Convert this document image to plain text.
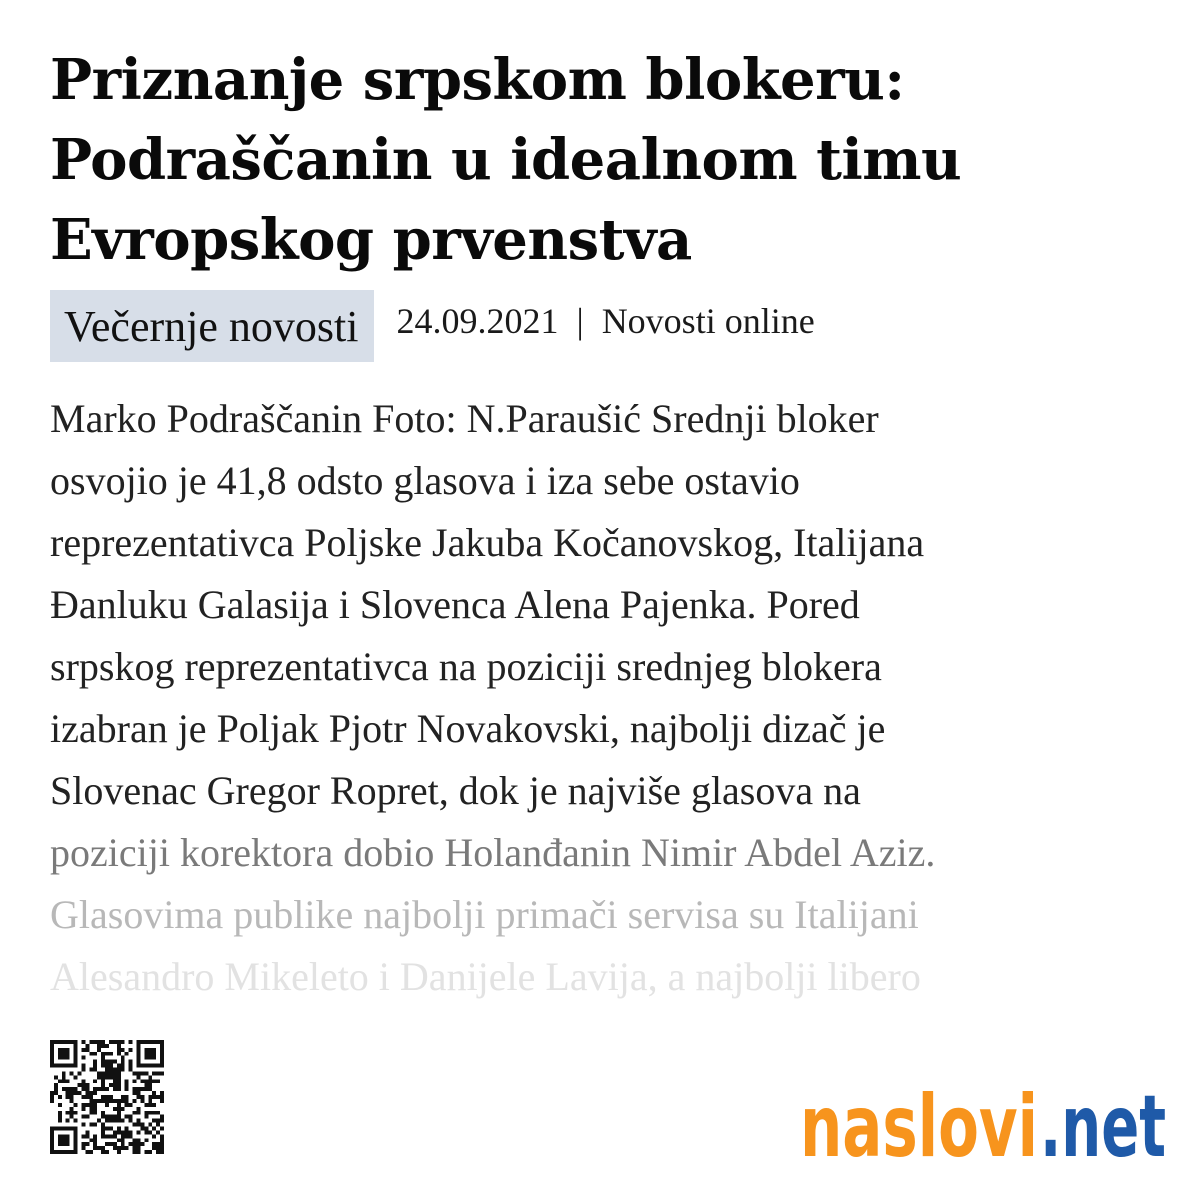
Priznanje srpskom blokeru:
Podraščanin u idealnom timu
Evropskog prvenstva
Večernje novosti	24.09.2021 | Novosti online
Marko Podraščanin Foto: N.Paraušić Srednji bloker
osvojio je 41,8 odsto glasova i iza sebe ostavio
reprezentativca Poljske Jakuba Kočanovskog, Italijana
Đanluku Galasija i Slovenca Alena Pajenka. Pored
srpskog reprezentativca na poziciji srednjeg blokera
izabran je Poljak Pjotr Novakovski, najbolji dizač je
Slovenac Gregor Ropret, dok je najviše glasova na
poziciji korektora dobio Holanđanin Nimir Abdel Aziz.
Glasovima publike najbolji primači servisa su Italijani
Alesandro Mikeleto i Danijele Lavija, a najbolji libero
naslovi .net
